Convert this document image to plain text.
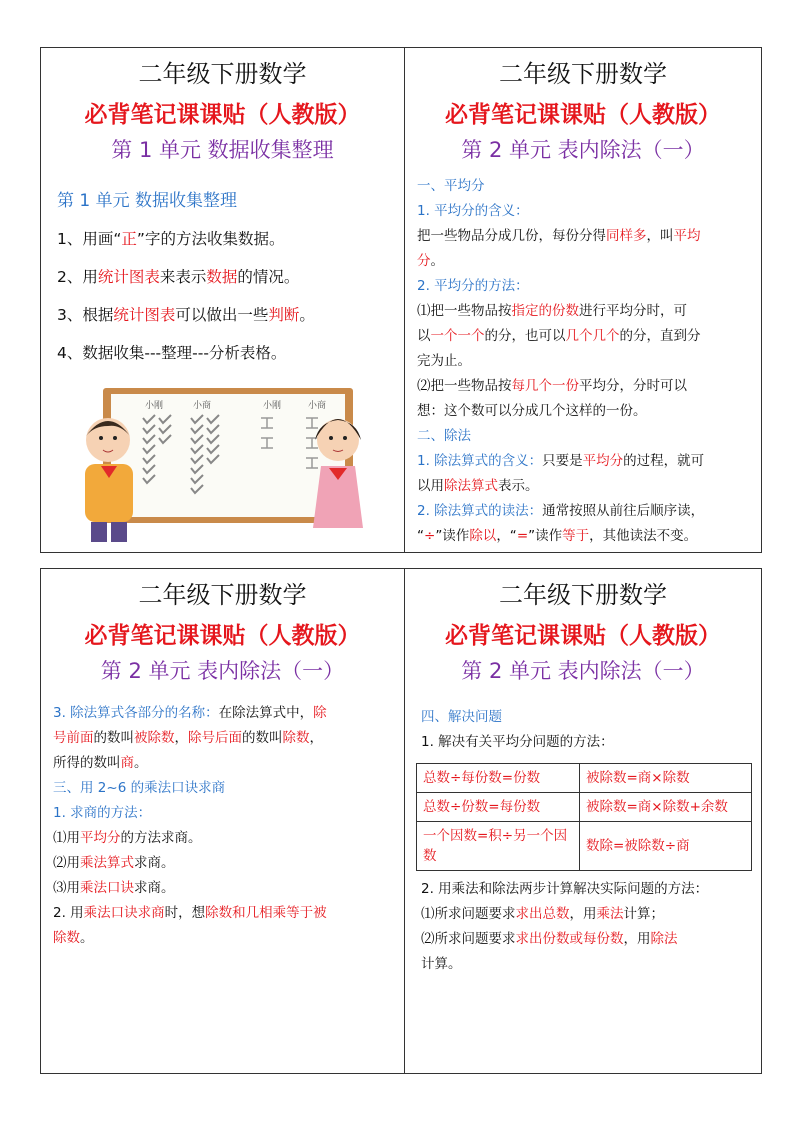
二年级下册数学
必背笔记课课贴（人教版）
第 1 单元 数据收集整理

第 1 单元 数据收集整理

1、用画“正”字的方法收集数据。

2、用统计图表来表示数据的情况。

3、根据统计图表可以做出一些判断。

4、数据收集---整理---分析表格。

小刚	小商	小刚	小商
二年级下册数学
必背笔记课课贴（人教版）
第 2 单元 表内除法（一）

一、平均分

1. 平均分的含义：

把一些物品分成几份，每份分得同样多，叫平均
分。

2. 平均分的方法：

⑴把一些物品按指定的份数进行平均分时，可
以一个一个的分，也可以几个几个的分，直到分
完为止。

⑵把一些物品按每几个一份平均分，分时可以
想：这个数可以分成几个这样的一份。

二、除法

1. 除法算式的含义：只要是平均分的过程，就可
以用除法算式表示。

2. 除法算式的读法：通常按照从前往后顺序读，
“÷”读作除以，“=”读作等于，其他读法不变。

二年级下册数学
必背笔记课课贴（人教版）
第 2 单元 表内除法（一）

3. 除法算式各部分的名称：在除法算式中，除
号前面的数叫被除数，除号后面的数叫除数，
所得的数叫商。

三、用 2~6 的乘法口诀求商

1. 求商的方法：

⑴用平均分的方法求商。

⑵用乘法算式求商。

⑶用乘法口诀求商。

2. 用乘法口诀求商时，想除数和几相乘等于被
除数。

二年级下册数学
必背笔记课课贴（人教版）
第 2 单元 表内除法（一）

四、解决问题

1. 解决有关平均分问题的方法：

总数÷每份数=份数	被除数=商×除数
总数÷份数=每份数	被除数=商×除数+余数
一个因数=积÷另一个因数	数除=被除数÷商

2. 用乘法和除法两步计算解决实际问题的方法：

⑴所求问题要求求出总数，用乘法计算；

⑵所求问题要求求出份数或每份数，用除法
计算。
